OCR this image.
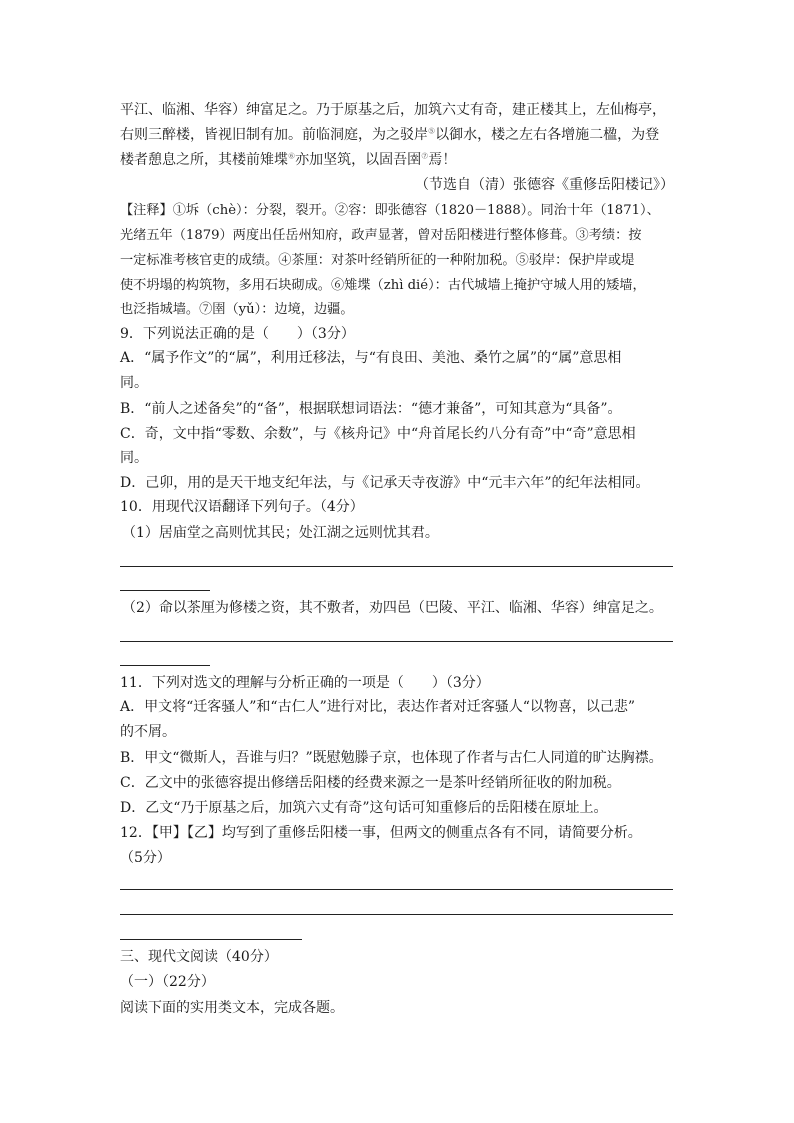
平江、临湘、华容）绅富足之。乃于原基之后，加筑六丈有奇，建正楼其上，左仙梅亭，
右则三醉楼，皆视旧制有加。前临洞庭，为之驳岸⑤以御水，楼之左右各增施二楹，为登
楼者憩息之所，其楼前雉堞⑥亦加坚筑，以固吾圉⑦焉！
（节选自（清）张德容《重修岳阳楼记》）
【注释】①坼（chè）：分裂，裂开。②容：即张德容（1820－1888）。同治十年（1871）、
光绪五年（1879）两度出任岳州知府，政声显著，曾对岳阳楼进行整体修葺。③考绩：按
一定标准考核官吏的成绩。④茶厘：对茶叶经销所征的一种附加税。⑤驳岸：保护岸或堤
使不坍塌的构筑物，多用石块砌成。⑥雉堞（zhì dié）：古代城墙上掩护守城人用的矮墙，
也泛指城墙。⑦圉（yǔ）：边境，边疆。
9．下列说法正确的是（　　）（3分）
A．“属予作文”的“属”，利用迁移法，与“有良田、美池、桑竹之属”的“属”意思相
同。
B．“前人之述备矣”的“备”，根据联想词语法：“德才兼备”，可知其意为“具备”。
C．奇，文中指“零数、余数”，与《核舟记》中“舟首尾长约八分有奇”中“奇”意思相
同。
D．己卯，用的是天干地支纪年法，与《记承天寺夜游》中“元丰六年”的纪年法相同。
10．用现代汉语翻译下列句子。（4分）
（1）居庙堂之高则忧其民；处江湖之远则忧其君。
（2）命以茶厘为修楼之资，其不敷者，劝四邑（巴陵、平江、临湘、华容）绅富足之。
11．下列对选文的理解与分析正确的一项是（　　）（3分）
A．甲文将“迁客骚人”和“古仁人”进行对比，表达作者对迁客骚人“以物喜，以己悲”
的不屑。
B．甲文“微斯人，吾谁与归？”既慰勉滕子京，也体现了作者与古仁人同道的旷达胸襟。
C．乙文中的张德容提出修缮岳阳楼的经费来源之一是茶叶经销所征收的附加税。
D．乙文“乃于原基之后，加筑六丈有奇”这句话可知重修后的岳阳楼在原址上。
12．【甲】【乙】均写到了重修岳阳楼一事，但两文的侧重点各有不同，请简要分析。
（5分）
三、现代文阅读（40分）
（一）（22分）
阅读下面的实用类文本，完成各题。
